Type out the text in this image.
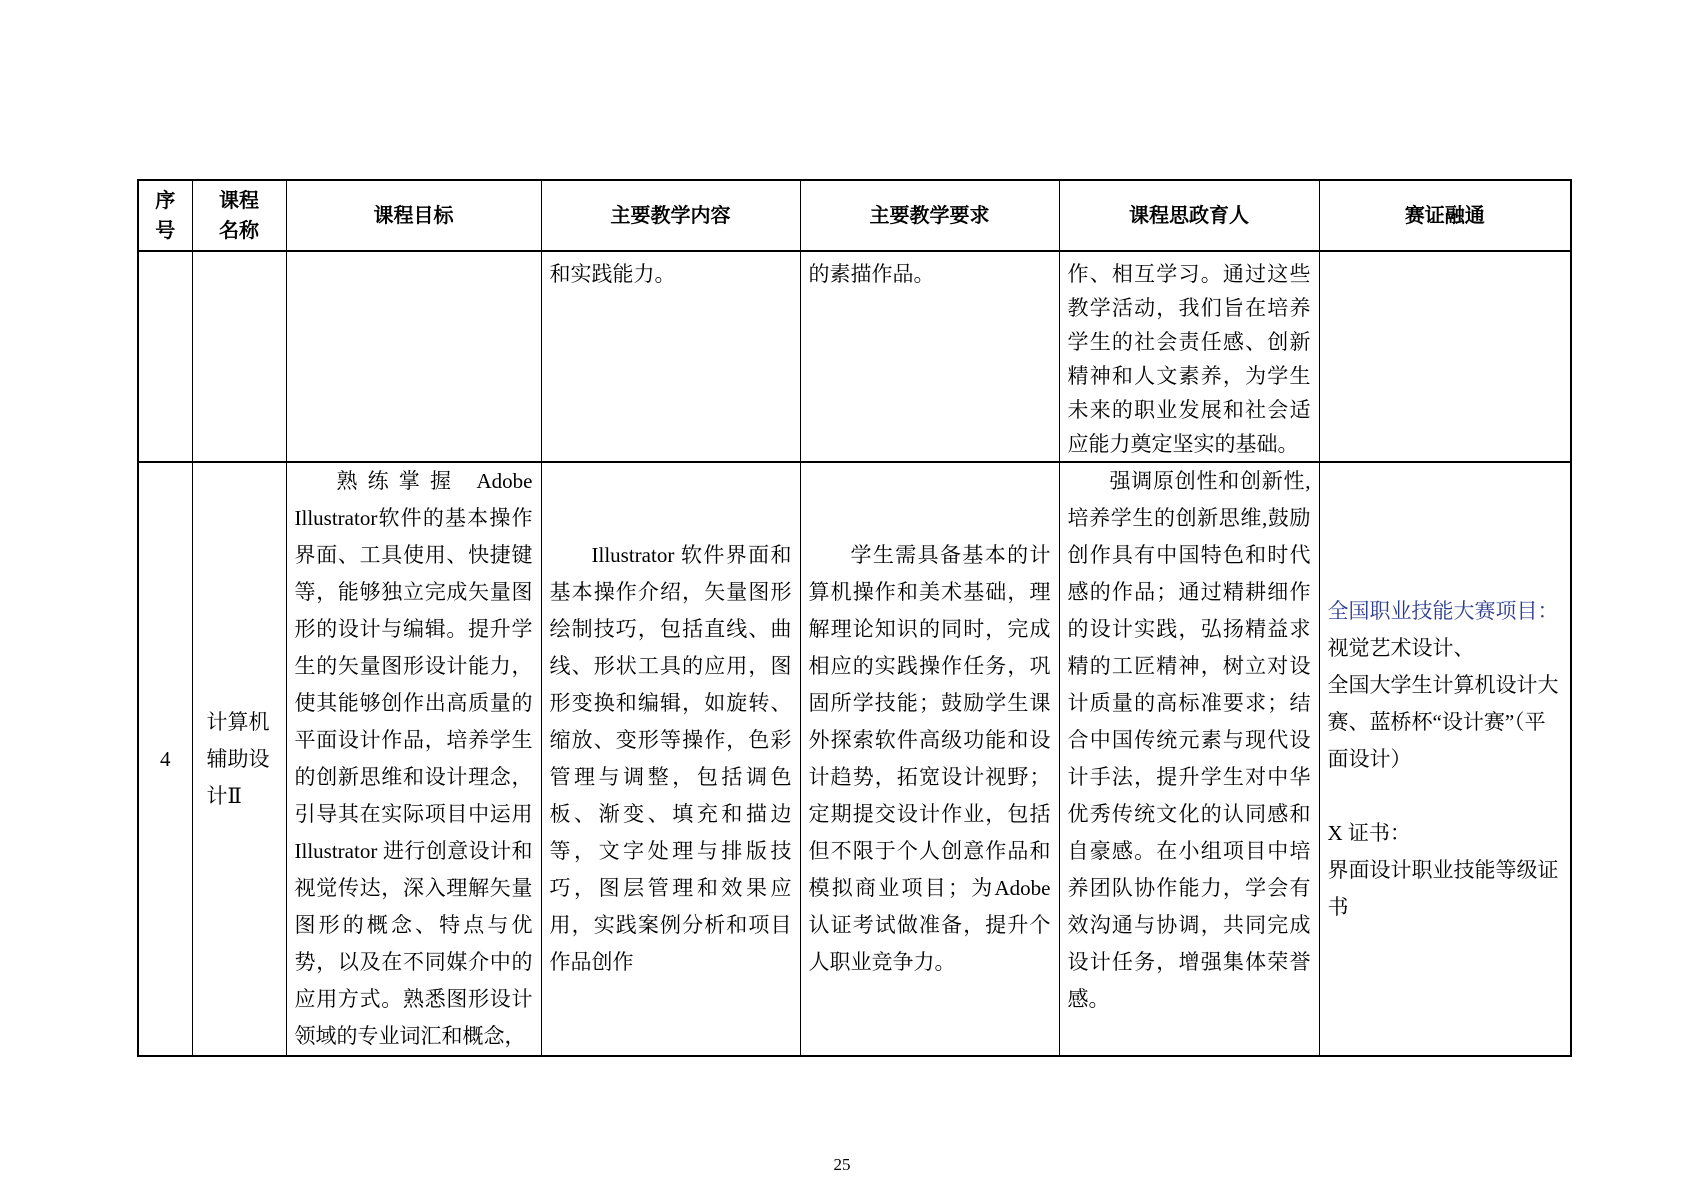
序号	课程名称	课程目标	主要教学内容	主要教学要求	课程思政育人	赛证融通

			和实践能力。	的素描作品。	作、相互学习。通过这些教学活动，我们旨在培养学生的社会责任感、创新精神和人文素养，为学生未来的职业发展和社会适应能力奠定坚实的基础。	

4	计算机辅助设计Ⅱ	熟练掌握 Adobe Illustrator软件的基本操作界面、工具使用、快捷键等，能够独立完成矢量图形的设计与编辑。提升学生的矢量图形设计能力，使其能够创作出高质量的平面设计作品，培养学生的创新思维和设计理念，引导其在实际项目中运用 Illustrator 进行创意设计和视觉传达，深入理解矢量图形的概念、特点与优势，以及在不同媒介中的应用方式。熟悉图形设计领域的专业词汇和概念，	Illustrator 软件界面和基本操作介绍，矢量图形绘制技巧，包括直线、曲线、形状工具的应用，图形变换和编辑，如旋转、缩放、变形等操作，色彩管理与调整，包括调色板、渐变、填充和描边等，文字处理与排版技巧，图层管理和效果应用，实践案例分析和项目作品创作	学生需具备基本的计算机操作和美术基础，理解理论知识的同时，完成相应的实践操作任务，巩固所学技能；鼓励学生课外探索软件高级功能和设计趋势，拓宽设计视野；定期提交设计作业，包括但不限于个人创意作品和模拟商业项目；为Adobe认证考试做准备，提升个人职业竞争力。	强调原创性和创新性,培养学生的创新思维,鼓励创作具有中国特色和时代感的作品；通过精耕细作的设计实践，弘扬精益求精的工匠精神，树立对设计质量的高标准要求；结合中国传统元素与现代设计手法，提升学生对中华优秀传统文化的认同感和自豪感。在小组项目中培养团队协作能力，学会有效沟通与协调，共同完成设计任务，增强集体荣誉感。	全国职业技能大赛项目：

视觉艺术设计、

全国大学生计算机设计大赛、蓝桥杯“设计赛”（平面设计）

X 证书：

界面设计职业技能等级证书

25
